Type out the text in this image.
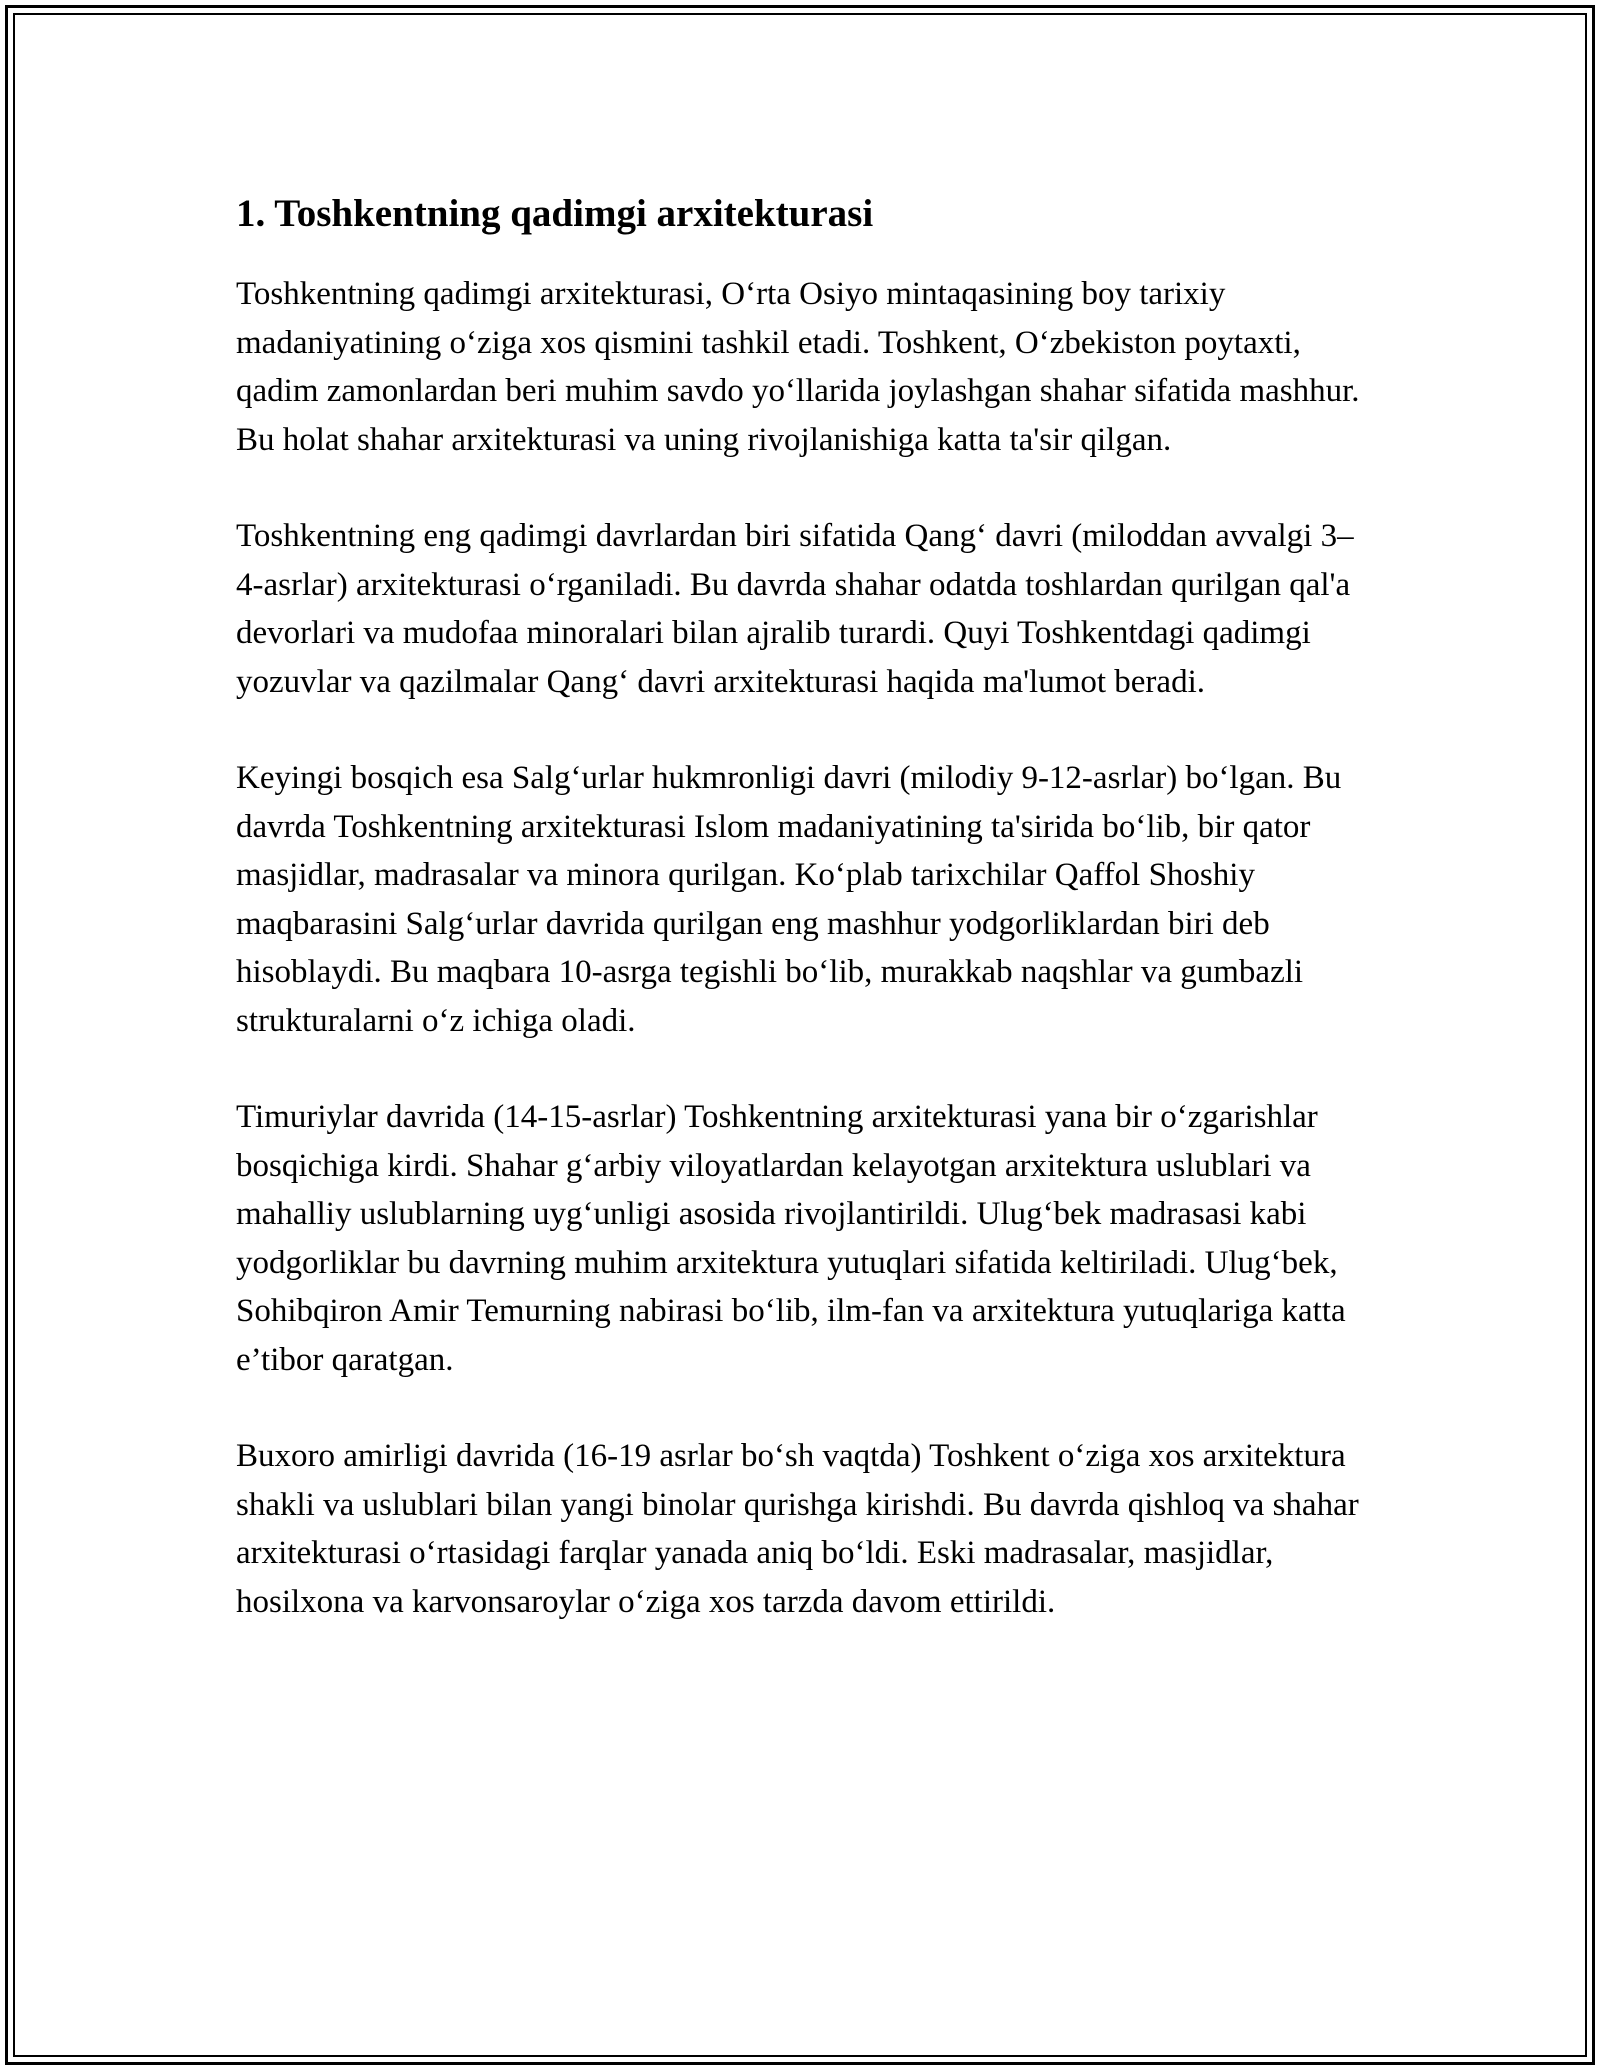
1. Toshkentning qadimgi arxitekturasi

Toshkentning qadimgi arxitekturasi, O‘rta Osiyo mintaqasining boy tarixiy madaniyatining o‘ziga xos qismini tashkil etadi. Toshkent, O‘zbekiston poytaxti, qadim zamonlardan beri muhim savdo yo‘llarida joylashgan shahar sifatida mashhur. Bu holat shahar arxitekturasi va uning rivojlanishiga katta ta'sir qilgan.

Toshkentning eng qadimgi davrlardan biri sifatida Qang‘ davri (miloddan avvalgi 3–4-asrlar) arxitekturasi o‘rganiladi. Bu davrda shahar odatda toshlardan qurilgan qal'a devorlari va mudofaa minoralari bilan ajralib turardi. Quyi Toshkentdagi qadimgi yozuvlar va qazilmalar Qang‘ davri arxitekturasi haqida ma'lumot beradi.

Keyingi bosqich esa Salg‘urlar hukmronligi davri (milodiy 9-12-asrlar) bo‘lgan. Bu davrda Toshkentning arxitekturasi Islom madaniyatining ta'sirida bo‘lib, bir qator masjidlar, madrasalar va minora qurilgan. Ko‘plab tarixchilar Qaffol Shoshiy maqbarasini Salg‘urlar davrida qurilgan eng mashhur yodgorliklardan biri deb hisoblaydi. Bu maqbara 10-asrga tegishli bo‘lib, murakkab naqshlar va gumbazli strukturalarni o‘z ichiga oladi.

Timuriylar davrida (14-15-asrlar) Toshkentning arxitekturasi yana bir o‘zgarishlar bosqichiga kirdi. Shahar g‘arbiy viloyatlardan kelayotgan arxitektura uslublari va mahalliy uslublarning uyg‘unligi asosida rivojlantirildi. Ulug‘bek madrasasi kabi yodgorliklar bu davrning muhim arxitektura yutuqlari sifatida keltiriladi. Ulug‘bek, Sohibqiron Amir Temurning nabirasi bo‘lib, ilm-fan va arxitektura yutuqlariga katta e’tibor qaratgan.

Buxoro amirligi davrida (16-19 asrlar bo‘sh vaqtda) Toshkent o‘ziga xos arxitektura shakli va uslublari bilan yangi binolar qurishga kirishdi. Bu davrda qishloq va shahar arxitekturasi o‘rtasidagi farqlar yanada aniq bo‘ldi. Eski madrasalar, masjidlar, hosilxona va karvonsaroylar o‘ziga xos tarzda davom ettirildi.
